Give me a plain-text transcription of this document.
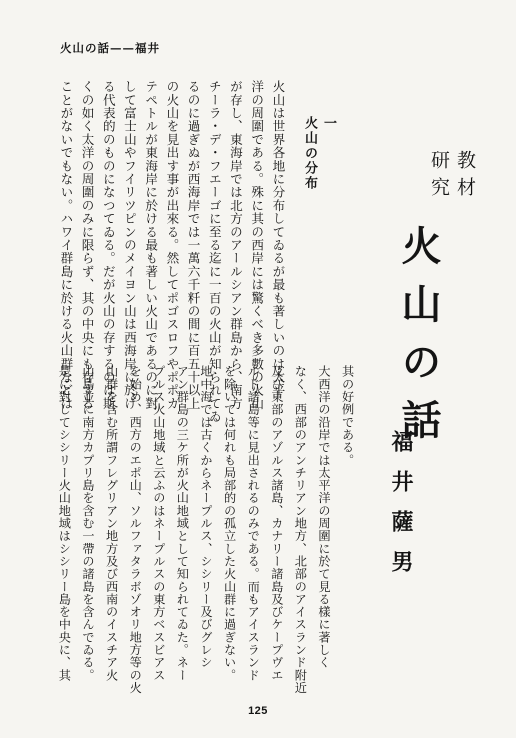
火山の話——福井
火山は世界各地に分布してゐるが最も著しいのは太平
洋の周圍である。殊に其の西岸には驚くべき多數の火山
が存し、東海岸では北方のアールシアン群島から、南方
チーラ・デ・フエーゴに至る迄に一百の火山が知られてゐ
るのに過ぎぬが西海岸では一萬六千粁の間に百五十以上
の火山を見出す事が出來る。然してポゴスロフやポポカ
テペトルが東海岸に於ける最も著しい火山であるのに對
して富士山やフイリツピンのメイヨン山は西海岸に於け
る代表的のものになつてゐる。だが火山の存するのは斯
くの如く太洋の周圍のみに限らず、其の中央にも存する
ことがないでもない。ハワイ群島に於ける火山群などは	一
火山の分布	教材
研究
火山の話
福井薩男
其の好例である。
大西洋の沿岸では太平洋の周圍に於て見る樣に著しく
なく、西部のアンチリアン地方、北部のアイスランド附近
及び東部のアゾルス諸島、カナリー諸島及びケープヴエ
ルド諸島等に見出されるのみである。而もアイスランド
を除いては何れも局部的の孤立した火山群に過ぎない。
地中海では古くからネープルス、シシリー及びグレシ
アン群島の三ケ所が火山地域として知られてゐた。ネー
プルス火山地域と云ふのはネープルスの東方ベスビアス
を始め、西方のエポ山、ソルファタラボゾオリ地方等の火
山群を含む所謂フレグリアン地方及び西南のイスチア火
山島並に南方カプリ島を含む一帶の諸島を含んでゐる。
是に對してシシリー火山地域はシシリー島を中央に、其
125
